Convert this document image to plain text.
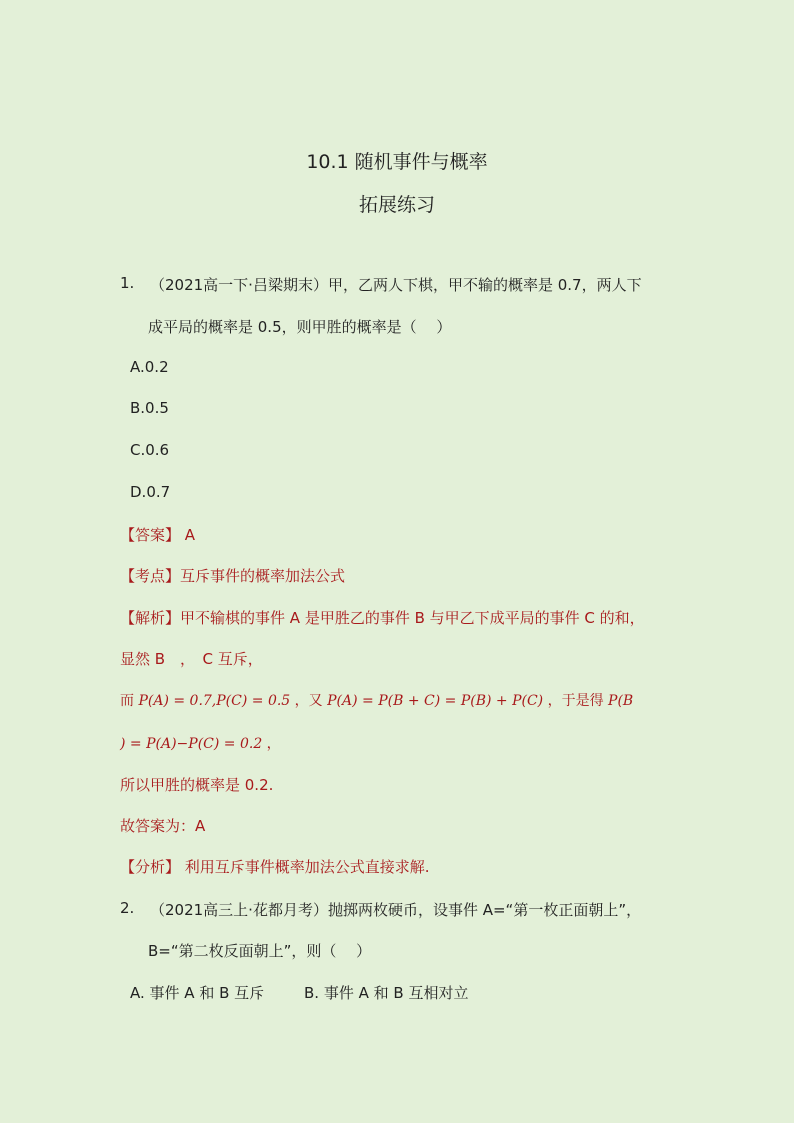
10.1 随机事件与概率
拓展练习
1. （2021高一下·吕梁期末）甲，乙两人下棋，甲不输的概率是 0.7，两人下
成平局的概率是 0.5，则甲胜的概率是（　 ）
A.0.2
B.0.5
C.0.6
D.0.7
【答案】 A
【考点】互斥事件的概率加法公式
【解析】甲不输棋的事件 A 是甲胜乙的事件 B 与甲乙下成平局的事件 C 的和，
显然 B　，　C 互斥，
而 P(A) = 0.7,P(C) = 0.5 ，又 P(A) = P(B + C) = P(B) + P(C) ，于是得 P(B
) = P(A)−P(C) = 0.2 ，
所以甲胜的概率是 0.2.
故答案为：A
【分析】 利用互斥事件概率加法公式直接求解.
2. （2021高三上·花都月考）抛掷两枚硬币，设事件 A=“第一枚正面朝上”，
B=“第二枚反面朝上”，则（　 ）
A. 事件 A 和 B 互斥	B. 事件 A 和 B 互相对立
